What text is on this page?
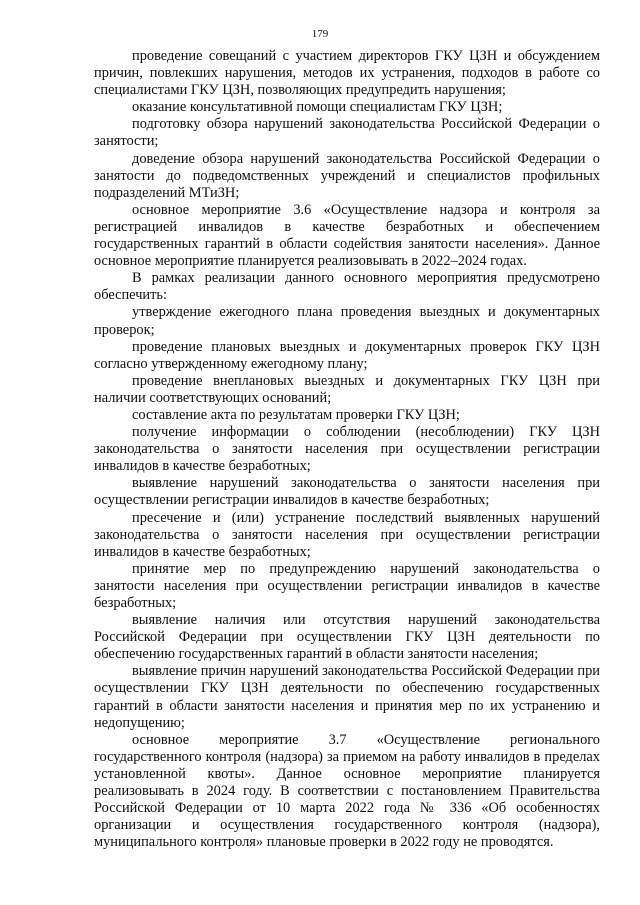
179

проведение совещаний с участием директоров ГКУ ЦЗН и обсуждением причин, повлекших нарушения, методов их устранения, подходов в работе со специалистами ГКУ ЦЗН, позволяющих предупредить нарушения;

оказание консультативной помощи специалистам ГКУ ЦЗН;

подготовку обзора нарушений законодательства Российской Федерации о занятости;

доведение обзора нарушений законодательства Российской Федерации о занятости до подведомственных учреждений и специалистов профильных подразделений МТиЗН;

основное мероприятие 3.6 «Осуществление надзора и контроля за регистрацией инвалидов в качестве безработных и обеспечением государственных гарантий в области содействия занятости населения». Данное основное мероприятие планируется реализовывать в 2022–2024 годах.

В рамках реализации данного основного мероприятия предусмотрено обеспечить:

утверждение ежегодного плана проведения выездных и документарных проверок;

проведение плановых выездных и документарных проверок ГКУ ЦЗН согласно утвержденному ежегодному плану;

проведение внеплановых выездных и документарных ГКУ ЦЗН при наличии соответствующих оснований;

составление акта по результатам проверки ГКУ ЦЗН;

получение информации о соблюдении (несоблюдении) ГКУ ЦЗН законодательства о занятости населения при осуществлении регистрации инвалидов в качестве безработных;

выявление нарушений законодательства о занятости населения при осуществлении регистрации инвалидов в качестве безработных;

пресечение и (или) устранение последствий выявленных нарушений законодательства о занятости населения при осуществлении регистрации инвалидов в качестве безработных;

принятие мер по предупреждению нарушений законодательства о занятости населения при осуществлении регистрации инвалидов в качестве безработных;

выявление наличия или отсутствия нарушений законодательства Российской Федерации при осуществлении ГКУ ЦЗН деятельности по обеспечению государственных гарантий в области занятости населения;

выявление причин нарушений законодательства Российской Федерации при осуществлении ГКУ ЦЗН деятельности по обеспечению государственных гарантий в области занятости населения и принятия мер по их устранению и недопущению;

основное мероприятие 3.7 «Осуществление регионального государственного контроля (надзора) за приемом на работу инвалидов в пределах установленной квоты». Данное основное мероприятие планируется реализовывать в 2024 году. В соответствии с постановлением Правительства Российской Федерации от 10 марта 2022 года № 336 «Об особенностях организации и осуществления государственного контроля (надзора), муниципального контроля» плановые проверки в 2022 году не проводятся.
